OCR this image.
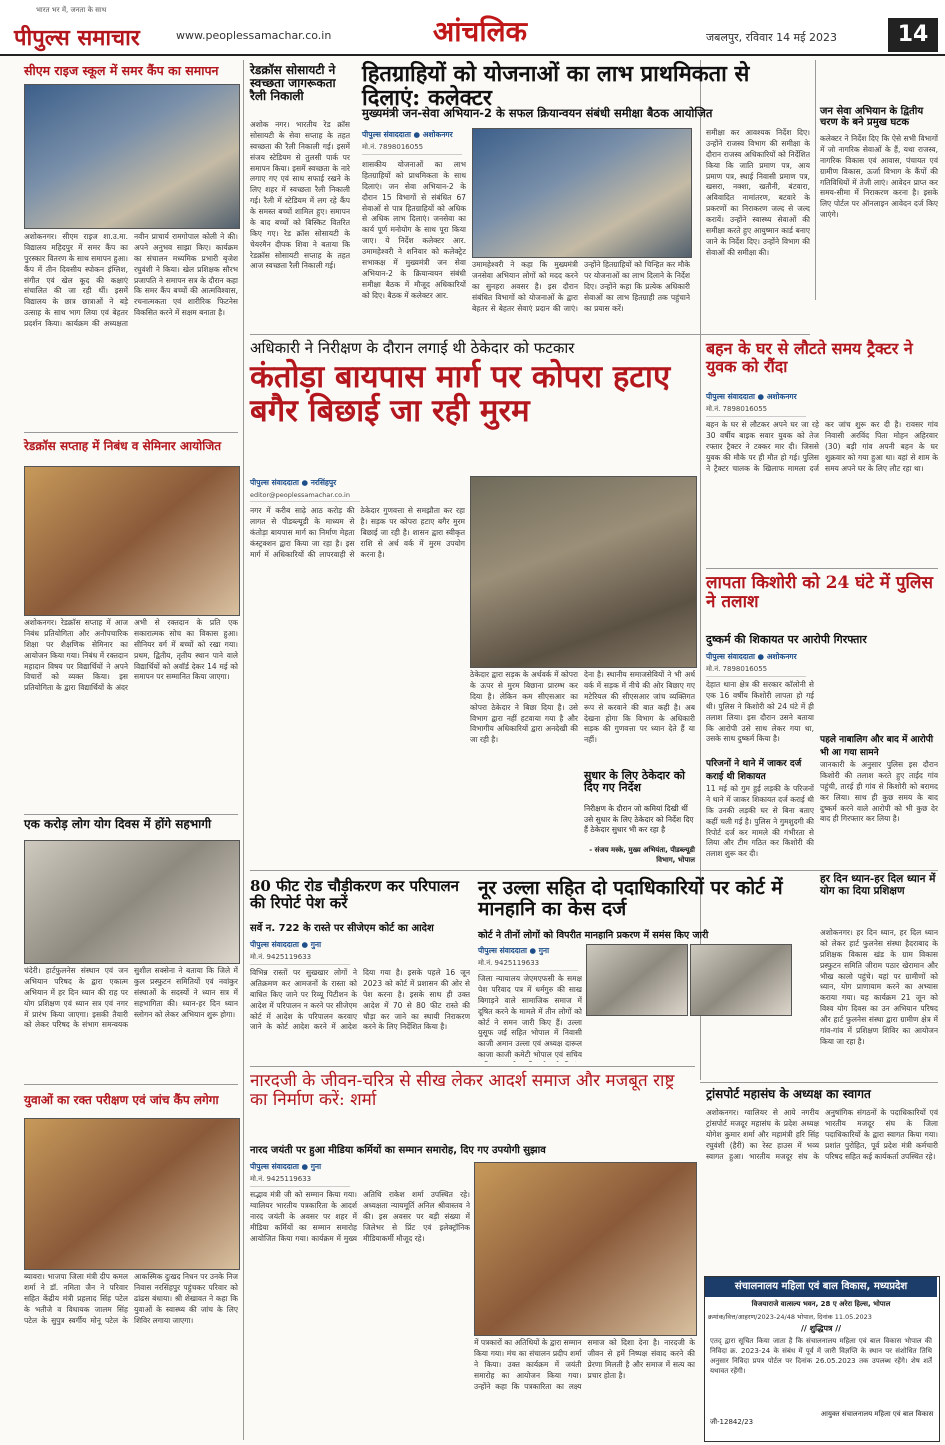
भारत भर में, जनता के साथ
पीपुल्स समाचार	www.peoplessamachar.co.in	आंचलिक	जबलपुर, रविवार 14 मई 2023	14
सीएम राइज स्कूल में समर कैंप का समापन
अशोकनगर। सीएम राइज शा.उ.मा. विद्यालय महिदपुर में समर कैंप का पुरस्कार वितरण के साथ समापन हुआ। कैंप में तीन दिवसीय स्पोकन इंग्लिश, संगीत एवं खेल कूद की कक्षाएं संचालित की जा रही थीं। इसमें विद्यालय के छात्र छात्राओं ने बड़े उत्साह के साथ भाग लिया एवं बेहतर प्रदर्शन किया। कार्यक्रम की अध्यक्षता नवीन प्राचार्य रामगोपाल कोली ने की। अपने अनुभव साझा किए। कार्यक्रम का संचालन मध्यमिक प्रभारी बृजेश रघुवंशी ने किया। खेल प्रशिक्षक सौरभ प्रजापति ने समापन सत्र के दौरान कहा कि समर कैंप बच्चों की आत्मविश्वास, रचनात्मकता एवं शारीरिक फिटनेस विकसित करने में सक्षम बनाता है।
रेडक्रॉस सप्ताह में निबंध व सेमिनार आयोजित
अशोकनगर। रेडक्रॉस सप्ताह में आज निबंध प्रतियोगिता और अनौपचारिक शिक्षा पर शैक्षणिक सेमिनार का आयोजन किया गया। निबंध में रक्तदान महादान विषय पर विद्यार्थियों ने अपने विचारों को व्यक्त किया। इस प्रतियोगिता के द्वारा विद्यार्थियों के अंदर अभी से रक्तदान के प्रति एक सकारात्मक सोच का विकास हुआ। सीनियर वर्ग में बच्चों को रखा गया। प्रथम, द्वितीय, तृतीय स्थान पाने वाले विद्यार्थियों को अवॉर्ड देकर 14 मई को समापन पर सम्मानित किया जाएगा।
एक करोड़ लोग योग दिवस में होंगे सहभागी
चंदेरी। हार्टफुलनेस संस्थान एवं जन अभियान परिषद के द्वारा एकात्म अभियान में हर दिन ध्यान की राह पर योग प्रशिक्षण एवं ध्यान सत्र एवं नगर में प्रारंभ किया जाएगा। इसकी तैयारी को लेकर परिषद के संभाग समन्वयक सुशील सक्सेना ने बताया कि जिले में कुल प्रस्फुटन समितियों एवं नवांकुर संस्थाओं के सदस्यों ने ध्यान सत्र में सहभागिता की। ध्यान-हर दिन ध्यान स्लोगन को लेकर अभियान शुरू होगा।
युवाओं का रक्त परीक्षण एवं जांच कैंप लगेगा
ब्यावरा। भाजपा जिला मंत्री दीप कमल शर्मा ने डॉ. नमिता जैन ने परिवार सहित केंद्रीय मंत्री प्रहलाद सिंह पटेल के भतीजे व विधायक जालम सिंह पटेल के सुपुत्र स्वर्गीय मोनू पटेल के आकस्मिक दुःखद निधन पर उनके निज निवास नरसिंहपुर पहुंचकर परिवार को ढांढस बंधाया। श्री शेखावत ने कहा कि युवाओं के स्वास्थ्य की जांच के लिए शिविर लगाया जाएगा।
रेडक्रॉस सोसायटी ने स्वच्छता जागरूकता रैली निकाली
अशोक नगर। भारतीय रेड क्रॉस सोसायटी के सेवा सप्ताह के तहत स्वच्छता की रैली निकाली गई। इसमें संजय स्टेडियम से तुलसी पार्क पर समापन किया। इसमें स्वच्छता के नारे लगाए गए एवं साथ सफाई रखने के लिए शहर में स्वच्छता रैली निकाली गई। रैली में स्टेडियम में लग रहे कैंप के समस्त बच्चों शामिल हुए। समापन के बाद बच्चों को बिस्किट वितरित किए गए। रेड क्रॉस सोसायटी के चेयरमैन दीपक शिवा ने बताया कि रेडक्रॉस सोसायटी सप्ताह के तहत आज स्वच्छता रैली निकाली गई।
हितग्राहियों को योजनाओं का लाभ प्राथमिकता से दिलाएं: कलेक्टर
मुख्यमंत्री जन-सेवा अभियान-2 के सफल क्रियान्वयन संबंधी समीक्षा बैठक आयोजित
पीपुल्स संवाददाता ● अशोकनगर
मो.नं. 7898016055
शासकीय योजनाओं का लाभ हितग्राहियों को प्राथमिकता के साथ दिलाएं। जन सेवा अभियान-2 के दौरान 15 विभागों से संबंधित 67 सेवाओं से पात्र हितग्राहियों को अधिक से अधिक लाभ दिलाएं। जनसेवा का कार्य पूर्ण मनोयोग के साथ पूरा किया जाए। ये निर्देश कलेक्टर आर. उमामहेश्वरी ने शनिवार को कलेक्ट्रेट सभाकक्ष में मुख्यमंत्री जन सेवा अभियान-2 के क्रियान्वयन संबंधी समीक्षा बैठक में मौजूद अधिकारियों को दिए। बैठक में कलेक्टर आर.
उमामहेश्वरी ने कहा कि मुख्यमंत्री जनसेवा अभियान लोगों को मदद करने का सुनहरा अवसर है। इस दौरान संबंधित विभागों को योजनाओं के द्वारा बेहतर से बेहतर सेवाएं प्रदान की जाएं। उन्होंने हितग्राहियों को चिन्हित कर मौके पर योजनाओं का लाभ दिलाने के निर्देश दिए। उन्होंने कहा कि प्रत्येक अधिकारी सेवाओं का लाभ हितग्राही तक पहुंचाने का प्रयास करें।
समीक्षा कर आवश्यक निर्देश दिए। उन्होंने राजस्व विभाग की समीक्षा के दौरान राजस्व अधिकारियों को निर्देशित किया कि जाति प्रमाण पत्र, आय प्रमाण पत्र, स्थाई निवासी प्रमाण पत्र, खसरा, नक्शा, खतौनी, बंटवारा, अविवादित नामांतरण, बटवारे के प्रकरणों का निराकरण जल्द से जल्द करायें। उन्होंने स्वास्थ्य सेवाओं की समीक्षा करते हुए आयुष्मान कार्ड बनाए जाने के निर्देश दिए। उन्होंने विभाग की सेवाओं की समीक्षा की।
जन सेवा अभियान के द्वितीय चरण के बने प्रमुख घटक
कलेक्टर ने निर्देश दिए कि ऐसे सभी विभागों में जो नागरिक सेवाओं के हैं, यथा राजस्व, नागरिक विकास एवं आवास, पंचायत एवं ग्रामीण विकास, ऊर्जा विभाग के कैंपों की गतिविधियों में तेजी लाएं। आवेदन प्राप्त कर समय-सीमा में निराकरण करना है। इसके लिए पोर्टल पर ऑनलाइन आवेदन दर्ज किए जाएंगे।
अधिकारी ने निरीक्षण के दौरान लगाई थी ठेकेदार को फटकार
कंतोड़ा बायपास मार्ग पर कोपरा हटाए बगैर बिछाई जा रही मुरम
पीपुल्स संवाददाता ● नरसिंहपुर
editor@peoplessamachar.co.in
नगर में करीब साढ़े आठ करोड़ की लागत से पीडब्ल्यूडी के माध्यम से कंतोड़ा बायपास मार्ग का निर्माण मेहता कंस्ट्रक्शन द्वारा किया जा रहा है। इस मार्ग में अधिकारियों की लापरवाही से ठेकेदार गुणवत्ता से समझौता कर रहा है। सड़क पर कोपरा हटाए बगैर मुरम बिछाई जा रही है। शासन द्वारा स्वीकृत राशि से अर्थ वर्क में मुरम उपयोग करना है।
ठेकेदार द्वारा सड़क के अर्थवर्क में कोपरा के ऊपर से मुरम बिछाना प्रारम्भ कर दिया है। लेकिन कम सीएसआर का कोपरा ठेकेदार ने बिछा दिया है। उसे विभाग द्वारा नहीं हटवाया गया है और विभागीय अधिकारियों द्वारा अनदेखी की जा रही है।
देना है। स्थानीय समाजसेवियों ने भी अर्थ वर्क में सड़क में नीचे की ओर बिछाए गए मटेरियल की सीएसआर जांच व्यक्तिगत रूप से करवाने की बात कही है। अब देखना होगा कि विभाग के अधिकारी सड़क की गुणवत्ता पर ध्यान देते हैं या नहीं।
सुधार के लिए ठेकेदार को दिए गए निर्देश
निरीक्षण के दौरान जो कमियां दिखी थीं उसे सुधार के लिए ठेकेदार को निर्देश दिए हैं ठेकेदार सुधार भी कर रहा है
- संजय मस्के, मुख्य अभियंता, पीडब्ल्यूडी विभाग, भोपाल
बहन के घर से लौटते समय ट्रैक्टर ने युवक को रौंदा
पीपुल्स संवाददाता ● अशोकनगर
मो.नं. 7898016055
बहन के घर से लौटकर अपने घर जा रहे 30 वर्षीय बाइक सवार युवक को तेज रफ्तार ट्रैक्टर ने टक्कर मार दी। जिससे युवक की मौके पर ही मौत हो गई। पुलिस ने ट्रैक्टर चालक के खिलाफ मामला दर्ज कर जांच शुरू कर दी है। रावसर गांव निवासी अरविंद पिता मोहन अहिरवार (30) बड़ी गांव अपनी बहन के घर शुक्रवार को गया हुआ था। वहां से शाम के समय अपने घर के लिए लौट रहा था।
लापता किशोरी को 24 घंटे में पुलिस ने तलाश
दुष्कर्म की शिकायत पर आरोपी गिरफ्तार
पीपुल्स संवाददाता ● अशोकनगर
मो.नं. 7898016055
देहात थाना क्षेत्र की सरकार कॉलोनी से एक 16 वर्षीय किशोरी लापता हो गई थी। पुलिस ने किशोरी को 24 घंटे में ही तलाश लिया। इस दौरान उसने बताया कि आरोपी उसे साथ लेकर गया था, उसके साथ दुष्कर्म किया है।
परिजनों ने थाने में जाकर दर्ज कराई थी शिकायत
11 मई को गुम हुई लड़की के परिजनों ने थाने में जाकर शिकायत दर्ज कराई थी कि उनकी लड़की घर से बिना बताए कहीं चली गई है। पुलिस ने गुमशुदगी की रिपोर्ट दर्ज कर मामले की गंभीरता से लिया और टीम गठित कर किशोरी की तलाश शुरू कर दी।
पहले नाबालिग और बाद में आरोपी भी आ गया सामने
जानकारी के अनुसार पुलिस इस दौरान किशोरी की तलाश करते हुए ताईद गांव पहुंची, तारई ही गांव से किशोरी को बरामद कर लिया। साथ ही कुछ समय के बाद दुष्कर्म करने वाले आरोपी को भी कुछ देर बाद ही गिरफ्तार कर लिया है।
80 फीट रोड चौड़ीकरण कर परिपालन की रिपोर्ट पेश करें
सर्वे न. 722 के रास्ते पर सीजेएम कोर्ट का आदेश
पीपुल्स संवाददाता ● गुना
मो.नं. 9425119633
विभिन्न रास्तों पर सुखखार लोगों ने अतिक्रमण कर आमजनों के रास्ता को बाधित किए जाने पर रिव्यू पिटीशन के आदेश में परिपालन न करने पर सीजेएम कोर्ट में आदेश के परिपालन करवाए जाने के कोर्ट आदेश करने में आदेश दिया गया है। इसके पहले 16 जून 2023 को कोर्ट में प्रशासन की ओर से पेश करना है। इसके साथ ही उक्त आदेश में 70 से 80 फीट रास्ते की चौड़ा कर जाने का स्थायी निराकरण करने के लिए निर्देशित किया है।
नूर उल्ला सहित दो पदाधिकारियों पर कोर्ट में मानहानि का केस दर्ज
कोर्ट ने तीनों लोगों को विपरीत मानहानि प्रकरण में समंस किए जारी
पीपुल्स संवाददाता ● गुना
मो.नं. 9425119633
जिला न्यायालय जेएमएफसी के समक्ष पेश परिवाद पत्र में धर्मगुरु की साख बिगाड़ने वाले सामाजिक समाज में दूषित करने के मामले में तीन लोगों को कोर्ट ने समन जारी किए हैं। उल्ला युसूफ जई सहित भोपाल में निवासी काजी अमान उल्ला एवं अध्यक्ष दारूल काजा काजी कमेटी भोपाल एवं सचिव
हर दिन ध्यान-हर दिल ध्यान में योग का दिया प्रशिक्षण
अशोकनगर। हर दिन ध्यान, हर दिल ध्यान को लेकर हार्ट फुलनेस संस्था हैदराबाद के प्रशिक्षक विकास खंड के ग्राम विकास प्रस्फुटन समिति जीराम पठार खेरामान और भीख कालो पहुंचे। यहां पर ग्रामीणों को ध्यान, योग प्राणायाम करने का अभ्यास कराया गया। यह कार्यक्रम 21 जून को विश्व योग दिवस का उन अभियान परिषद और हार्ट फुलनेस संस्था द्वारा ग्रामीण क्षेत्र में गांव-गांव में प्रशिक्षण शिविर का आयोजन किया जा रहा है।
नारदजी के जीवन-चरित्र से सीख लेकर आदर्श समाज और मजबूत राष्ट्र का निर्माण करें: शर्मा
नारद जयंती पर हुआ मीडिया कर्मियों का सम्मान समारोह, दिए गए उपयोगी सुझाव
पीपुल्स संवाददाता ● गुना
मो.नं. 9425119633
सद्भाव मंत्री जी को सम्मान किया गया। ग्वालियर भारतीय पत्रकारिता के आदर्श नारद जयंती के अवसर पर शहर में मीडिया कर्मियों का सम्मान समारोह आयोजित किया गया। कार्यक्रम में मुख्य अतिथि राकेश शर्मा उपस्थित रहे। अध्यक्षता न्यायमूर्ति अनिल श्रीवास्तव ने की। इस अवसर पर बड़ी संख्या में जिलेभर से प्रिंट एवं इलेक्ट्रॉनिक मीडियाकर्मी मौजूद रहे।
में पत्रकारों का अतिथियों के द्वारा सम्मान किया गया। मंच का संचालन प्रदीप शर्मा ने किया। उक्त कार्यक्रम में जयंती समारोह का आयोजन किया गया। उन्होंने कहा कि पत्रकारिता का लक्ष्य समाज को दिशा देना है। नारदजी के जीवन से हमें निष्पक्ष संवाद करने की प्रेरणा मिलती है और समाज में सत्य का प्रचार होता है।
ट्रांसपोर्ट महासंघ के अध्यक्ष का स्वागत
अशोकनगर। ग्वालियर से आये नगरीय ट्रांसपोर्ट मजदूर महासंघ के प्रदेश अध्यक्ष योगेश कुमार शर्मा और महामंत्री हरि सिंह रघुवंशी (हैरी) का रेस्ट हाउस में भव्य स्वागत हुआ। भारतीय मजदूर संघ के अनुषांगिक संगठनों के पदाधिकारियों एवं भारतीय मजदूर संघ के जिला पदाधिकारियों के द्वारा स्वागत किया गया। प्रशांत पुरोहित, पूर्व प्रदेश मंत्री कर्मचारी परिषद सहित कई कार्यकर्ता उपस्थित रहे।
संचालनालय महिला एवं बाल विकास, मध्यप्रदेश
विजयाराजे वात्सल्य भवन, 28 ए अरेरा हिल्स, भोपाल
क्रमांक/वित्त/आहरण/2023-24/48 भोपाल, दिनांक 11.05.2023
// शुद्धिपत्र //
एतद् द्वारा सूचित किया जाता है कि संचालनालय महिला एवं बाल विकास भोपाल की निविदा क्र. 2023-24 के संबंध में पूर्व में जारी विज्ञप्ति के स्थान पर संशोधित तिथि अनुसार निविदा प्रपत्र पोर्टल पर दिनांक 26.05.2023 तक उपलब्ध रहेंगे। शेष शर्तें यथावत रहेंगी।
आयुक्त संचालनालय महिला एवं बाल विकास
जी-12842/23
